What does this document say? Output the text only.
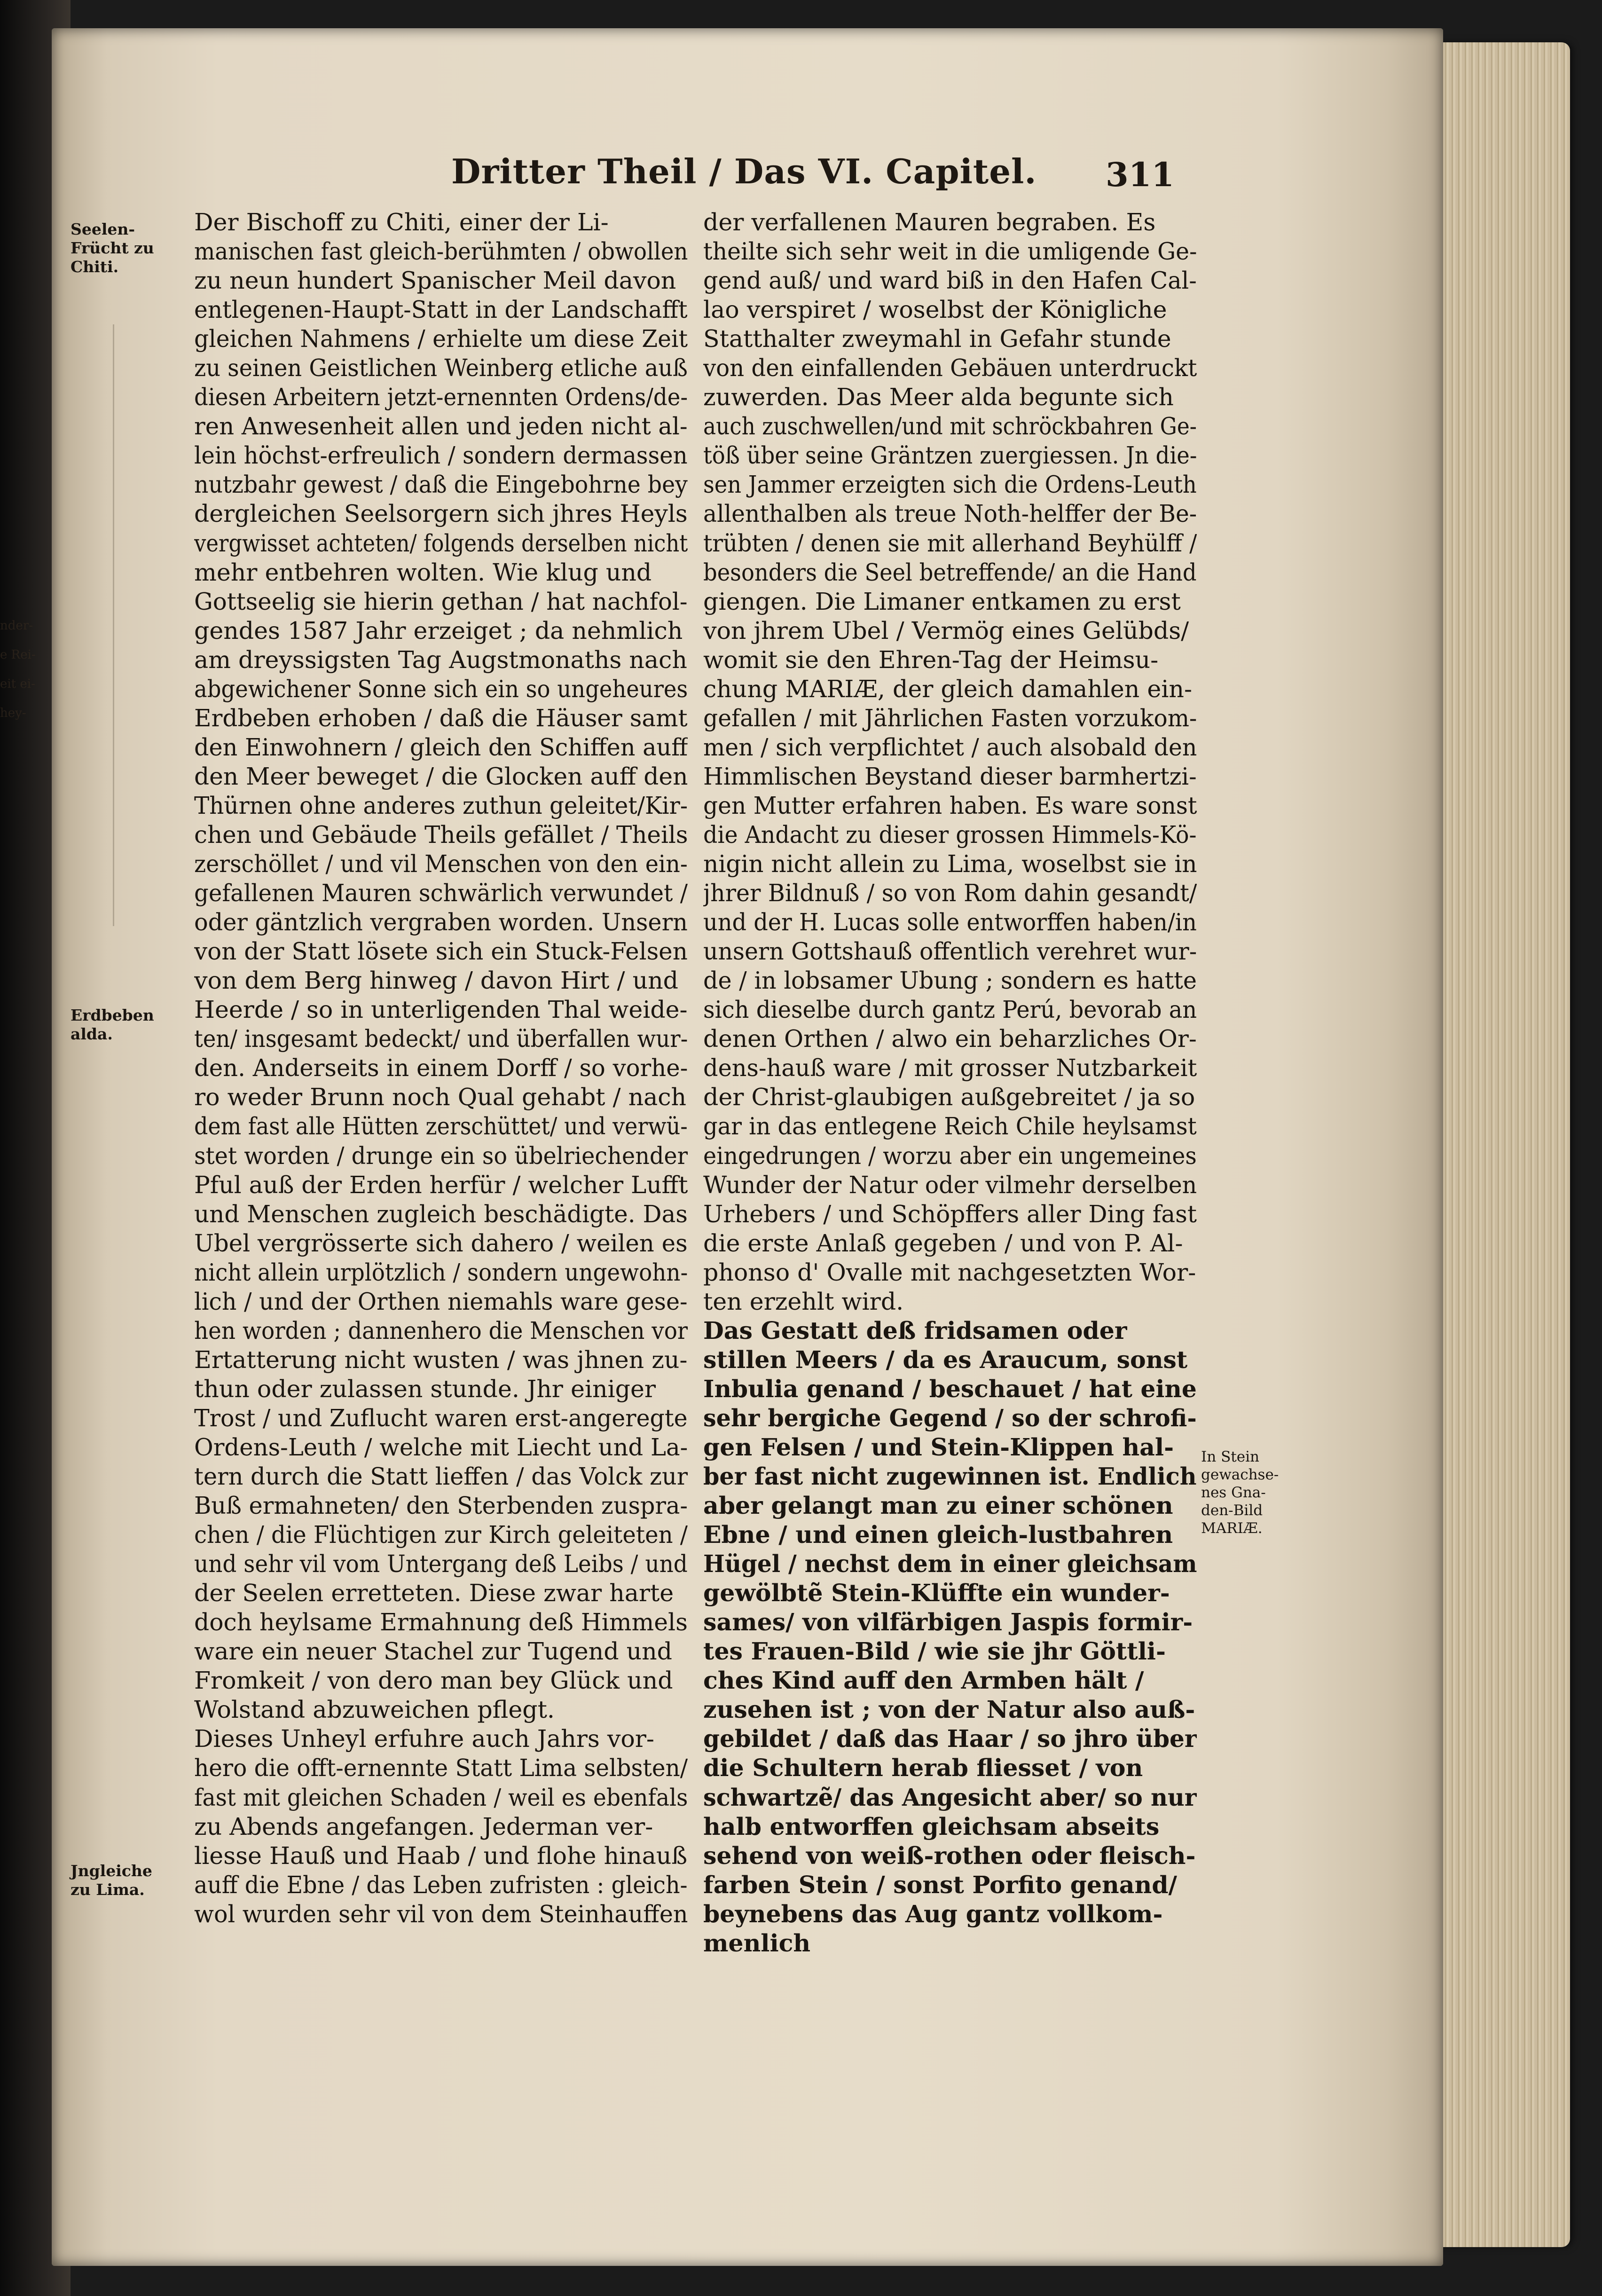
nder-
e Rei-
eit ei-
hey-
Dritter Theil / Das VI. Capitel. 311
Seelen-
Frücht zu
Chiti.
Erdbeben
alda.
Jngleiche
zu Lima.
In Stein
gewachse-
nes Gna-
den-Bild
MARIÆ.
Der Bischoff zu Chiti, einer der Li-
manischen fast gleich-berühmten / obwollen
zu neun hundert Spanischer Meil davon
entlegenen-Haupt-Statt in der Landschafft
gleichen Nahmens / erhielte um diese Zeit
zu seinen Geistlichen Weinberg etliche auß
diesen Arbeitern jetzt-ernennten Ordens/de-
ren Anwesenheit allen und jeden nicht al-
lein höchst-erfreulich / sondern dermassen
nutzbahr gewest / daß die Eingebohrne bey
dergleichen Seelsorgern sich jhres Heyls
vergwisset achteten/ folgends derselben nicht
mehr entbehren wolten. Wie klug und
Gottseelig sie hierin gethan / hat nachfol-
gendes 1587 Jahr erzeiget ; da nehmlich
am dreyssigsten Tag Augstmonaths nach
abgewichener Sonne sich ein so ungeheures
Erdbeben erhoben / daß die Häuser samt
den Einwohnern / gleich den Schiffen auff
den Meer beweget / die Glocken auff den
Thürnen ohne anderes zuthun geleitet/Kir-
chen und Gebäude Theils gefället / Theils
zerschöllet / und vil Menschen von den ein-
gefallenen Mauren schwärlich verwundet /
oder gäntzlich vergraben worden. Unsern
von der Statt lösete sich ein Stuck-Felsen
von dem Berg hinweg / davon Hirt / und
Heerde / so in unterligenden Thal weide-
ten/ insgesamt bedeckt/ und überfallen wur-
den. Anderseits in einem Dorff / so vorhe-
ro weder Brunn noch Qual gehabt / nach
dem fast alle Hütten zerschüttet/ und verwü-
stet worden / drunge ein so übelriechender
Pful auß der Erden herfür / welcher Lufft
und Menschen zugleich beschädigte. Das
Ubel vergrösserte sich dahero / weilen es
nicht allein urplötzlich / sondern ungewohn-
lich / und der Orthen niemahls ware gese-
hen worden ; dannenhero die Menschen vor
Ertatterung nicht wusten / was jhnen zu-
thun oder zulassen stunde. Jhr einiger
Trost / und Zuflucht waren erst-angeregte
Ordens-Leuth / welche mit Liecht und La-
tern durch die Statt lieffen / das Volck zur
Buß ermahneten/ den Sterbenden zuspra-
chen / die Flüchtigen zur Kirch geleiteten /
und sehr vil vom Untergang deß Leibs / und
der Seelen erretteten. Diese zwar harte
doch heylsame Ermahnung deß Himmels
ware ein neuer Stachel zur Tugend und
Fromkeit / von dero man bey Glück und
Wolstand abzuweichen pflegt.
Dieses Unheyl erfuhre auch Jahrs vor-
hero die offt-ernennte Statt Lima selbsten/
fast mit gleichen Schaden / weil es ebenfals
zu Abends angefangen. Jederman ver-
liesse Hauß und Haab / und flohe hinauß
auff die Ebne / das Leben zufristen : gleich-
wol wurden sehr vil von dem Steinhauffen
der verfallenen Mauren begraben. Es
theilte sich sehr weit in die umligende Ge-
gend auß/ und ward biß in den Hafen Cal-
lao verspiret / woselbst der Königliche
Statthalter zweymahl in Gefahr stunde
von den einfallenden Gebäuen unterdruckt
zuwerden. Das Meer alda begunte sich
auch zuschwellen/und mit schröckbahren Ge-
töß über seine Gräntzen zuergiessen. Jn die-
sen Jammer erzeigten sich die Ordens-Leuth
allenthalben als treue Noth-helffer der Be-
trübten / denen sie mit allerhand Beyhülff /
besonders die Seel betreffende/ an die Hand
giengen. Die Limaner entkamen zu erst
von jhrem Ubel / Vermög eines Gelübds/
womit sie den Ehren-Tag der Heimsu-
chung MARIÆ, der gleich damahlen ein-
gefallen / mit Jährlichen Fasten vorzukom-
men / sich verpflichtet / auch alsobald den
Himmlischen Beystand dieser barmhertzi-
gen Mutter erfahren haben. Es ware sonst
die Andacht zu dieser grossen Himmels-Kö-
nigin nicht allein zu Lima, woselbst sie in
jhrer Bildnuß / so von Rom dahin gesandt/
und der H. Lucas solle entworffen haben/in
unsern Gottshauß offentlich verehret wur-
de / in lobsamer Ubung ; sondern es hatte
sich dieselbe durch gantz Perú, bevorab an
denen Orthen / alwo ein beharzliches Or-
dens-hauß ware / mit grosser Nutzbarkeit
der Christ-glaubigen außgebreitet / ja so
gar in das entlegene Reich Chile heylsamst
eingedrungen / worzu aber ein ungemeines
Wunder der Natur oder vilmehr derselben
Urhebers / und Schöpffers aller Ding fast
die erste Anlaß gegeben / und von P. Al-
phonso d' Ovalle mit nachgesetzten Wor-
ten erzehlt wird.
Das Gestatt deß fridsamen oder
stillen Meers / da es Araucum, sonst
Inbulia genand / beschauet / hat eine
sehr bergiche Gegend / so der schrofi-
gen Felsen / und Stein-Klippen hal-
ber fast nicht zugewinnen ist. Endlich
aber gelangt man zu einer schönen
Ebne / und einen gleich-lustbahren
Hügel / nechst dem in einer gleichsam
gewölbtẽ Stein-Klüffte ein wunder-
sames/ von vilfärbigen Jaspis formir-
tes Frauen-Bild / wie sie jhr Göttli-
ches Kind auff den Armben hält /
zusehen ist ; von der Natur also auß-
gebildet / daß das Haar / so jhro über
die Schultern herab fliesset / von
schwartzẽ/ das Angesicht aber/ so nur
halb entworffen gleichsam abseits
sehend von weiß-rothen oder fleisch-
farben Stein / sonst Porfito genand/
beynebens das Aug gantz vollkom-
menlich
